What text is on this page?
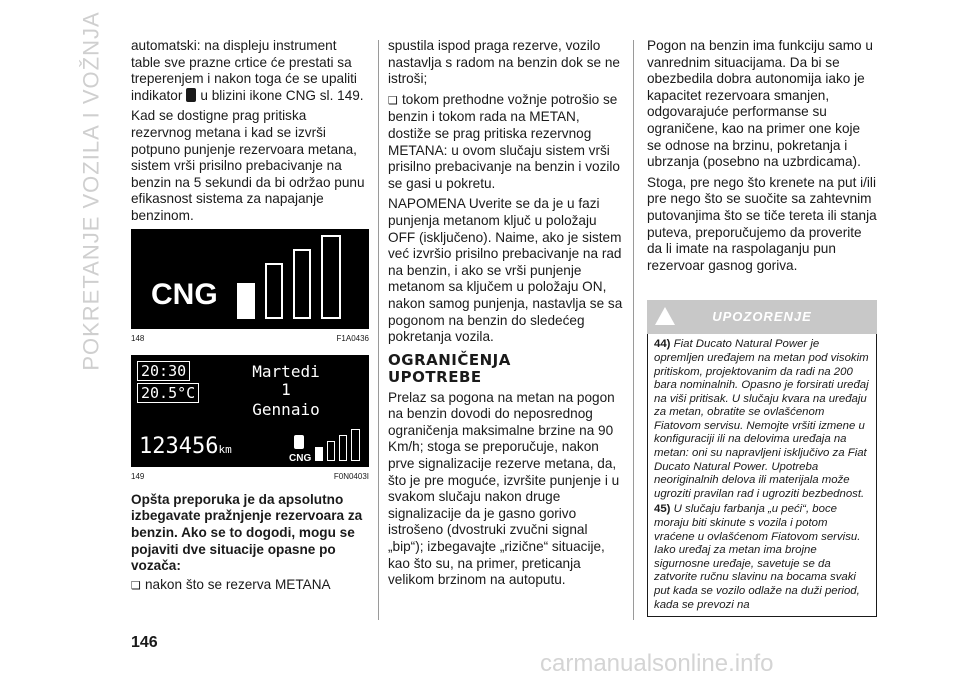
POKRETANJE VOZILA I VOŽNJA automatski: na displeju instrument table sve prazne crtice će prestati sa treperenjem i nakon toga će se upaliti indikator u blizini ikone CNG sl. 149.

Kad se dostigne prag pritiska rezervnog metana i kad se izvrši potpuno punjenje rezervoara metana, sistem vrši prisilno prebacivanje na benzin na 5 sekundi da bi održao punu efikasnost sistema za napajanje benzinom.

CNG
148	F1A0436
20:30
20.5°C
Martedi
1
Gennaio
123456km
CNG
149	F0N0403I
Opšta preporuka je da apsolutno izbegavate pražnjenje rezervoara za benzin. Ako se to dogodi, mogu se pojaviti dve situacije opasne po vozača:

❑ nakon što se rezerva METANA

spustila ispod praga rezerve, vozilo nastavlja s radom na benzin dok se ne istroši;

❑ tokom prethodne vožnje potrošio se benzin i tokom rada na METAN, dostiže se prag pritiska rezervnog METANA: u ovom slučaju sistem vrši prisilno prebacivanje na benzin i vozilo se gasi u pokretu.

NAPOMENA Uverite se da je u fazi punjenja metanom ključ u položaju OFF (isključeno). Naime, ako je sistem već izvršio prisilno prebacivanje na rad na benzin, i ako se vrši punjenje metanom sa ključem u položaju ON, nakon samog punjenja, nastavlja se sa pogonom na benzin do sledećeg pokretanja vozila.

OGRANIČENJA
UPOTREBE

Prelaz sa pogona na metan na pogon na benzin dovodi do neposrednog ograničenja maksimalne brzine na 90 Km/h; stoga se preporučuje, nakon prve signalizacije rezerve metana, da, što je pre moguće, izvršite punjenje i u svakom slučaju nakon druge signalizacije da je gasno gorivo istrošeno (dvostruki zvučni signal „bip“); izbegavajte „rizične“ situacije, kao što su, na primer, preticanja velikom brzinom na autoputu.

Pogon na benzin ima funkciju samo u vanrednim situacijama. Da bi se obezbedila dobra autonomija iako je kapacitet rezervoara smanjen, odgovarajuće performanse su ograničene, kao na primer one koje se odnose na brzinu, pokretanja i ubrzanja (posebno na uzbrdicama).

Stoga, pre nego što krenete na put i/ili pre nego što se suočite sa zahtevnim putovanjima što se tiče tereta ili stanja puteva, preporučujemo da proverite da li imate na raspolaganju pun rezervoar gasnog goriva.

UPOZORENJE

44) Fiat Ducato Natural Power je opremljen uređajem na metan pod visokim pritiskom, projektovanim da radi na 200 bara nominalnih. Opasno je forsirati uređaj na viši pritisak. U slučaju kvara na uređaju za metan, obratite se ovlašćenom Fiatovom servisu. Nemojte vršiti izmene u konfiguraciji ili na delovima uređaja na metan: oni su napravljeni isključivo za Fiat Ducato Natural Power. Upotreba neoriginalnih delova ili materijala može ugroziti pravilan rad i ugroziti bezbednost.

45) U slučaju farbanja „u peći“, boce moraju biti skinute s vozila i potom vraćene u ovlašćenom Fiatovom servisu. Iako uređaj za metan ima brojne sigurnosne uređaje, savetuje se da zatvorite ručnu slavinu na bocama svaki put kada se vozilo odlaže na duži period, kada se prevozi na

146
carmanualsonline.info
